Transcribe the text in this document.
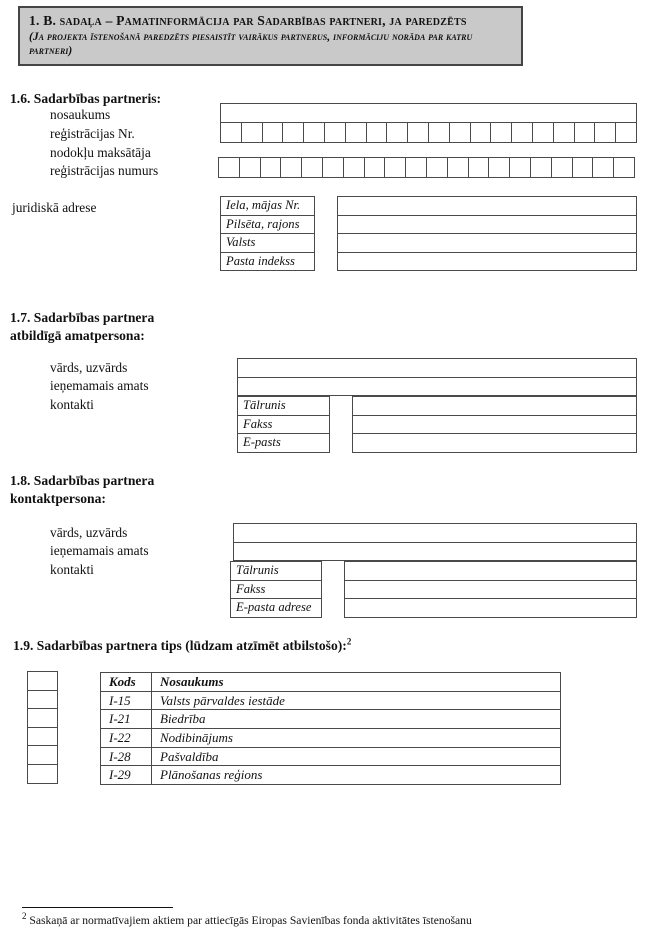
1. B. sadaļa – Pamatinformācija par Sadarbības partneri, ja paredzēts
(Ja projekta īstenošanā paredzēts piesaistīt vairākus partnerus, informāciju norāda par katru partneri)
1.6. Sadarbības partneris:
nosaukums
reģistrācijas Nr.
nodokļu maksātāja
reģistrācijas numurs
juridiskā adrese	Iela, mājas Nr.
Pilsēta, rajons
Valsts
Pasta indekss
1.7. Sadarbības partnera
atbildīgā amatpersona:
vārds, uzvārds
ieņemamais amats
kontakti	Tālrunis
Fakss
E-pasts
1.8. Sadarbības partnera
kontaktpersona:
vārds, uzvārds
ieņemamais amats
kontakti	Tālrunis
Fakss
E-pasta adrese
1.9. Sadarbības partnera tips (lūdzam atzīmēt atbilstošo):$^2$
Kods	Nosaukums
I-15	Valsts pārvaldes iestāde
I-21	Biedrība
I-22	Nodibinājums
I-28	Pašvaldība
I-29	Plānošanas reģions
$^2$ Saskaņā ar normatīvajiem aktiem par attiecīgās Eiropas Savienības fonda aktivitātes īstenošanu
